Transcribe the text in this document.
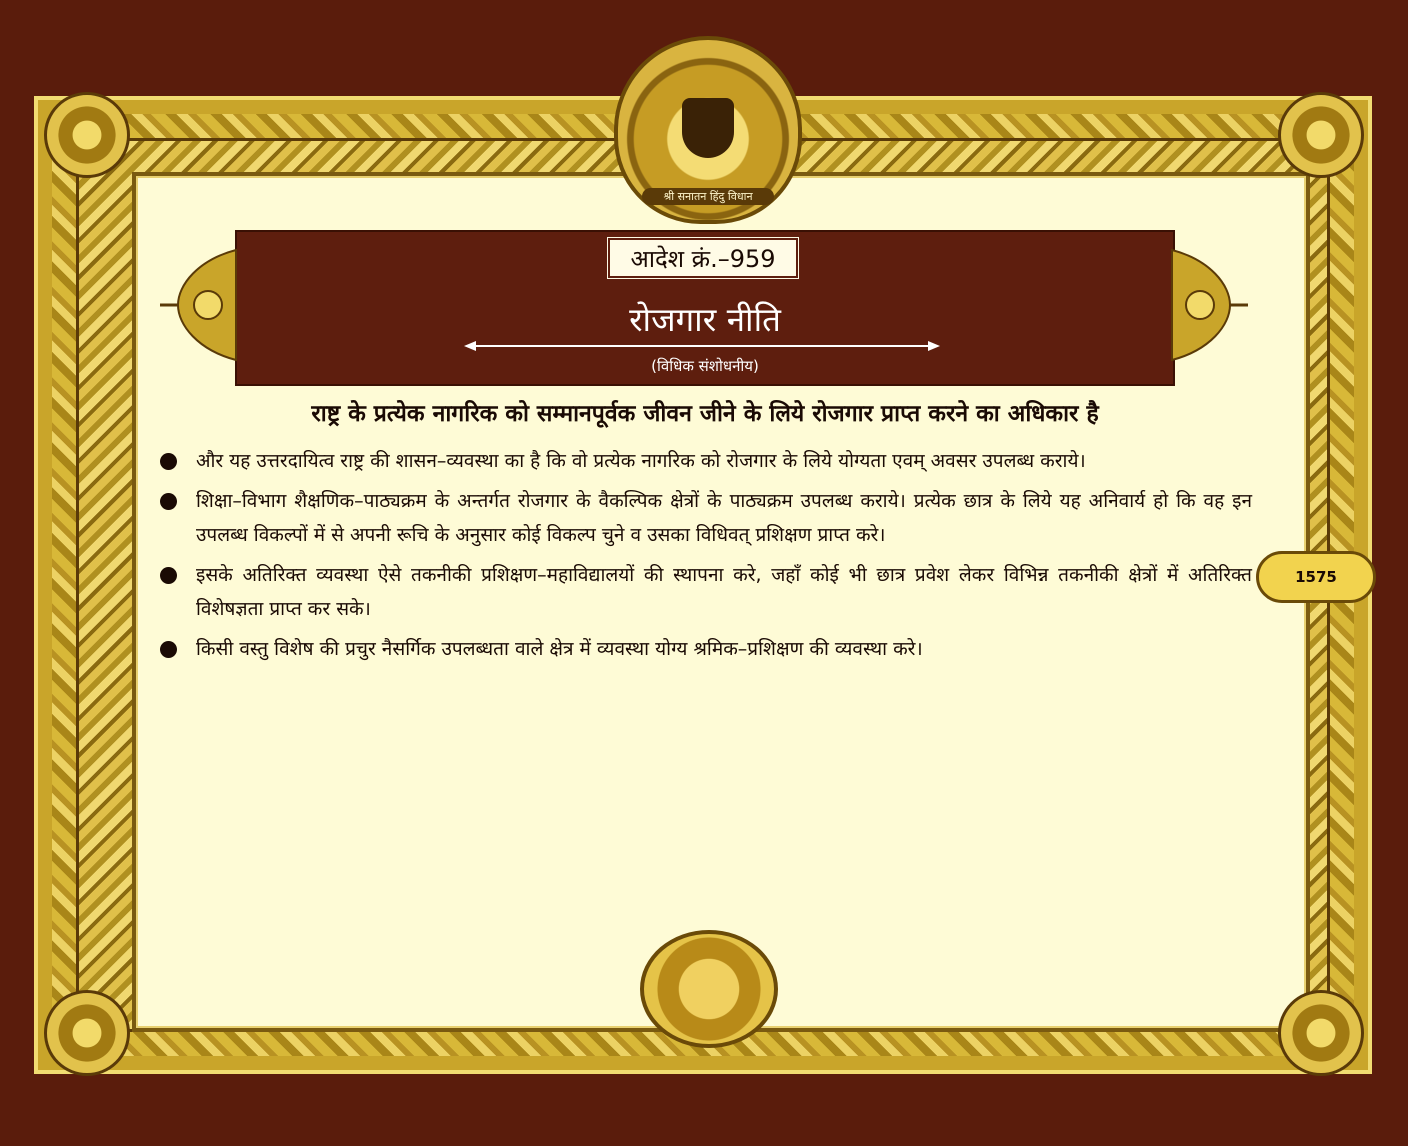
श्री सनातन हिंदु विधान
आदेश क्रं.–959
रोजगार नीति
(विधिक संशोधनीय)
राष्ट्र के प्रत्येक नागरिक को सम्मानपूर्वक जीवन जीने के लिये रोजगार प्राप्त करने का अधिकार है
और यह उत्तरदायित्व राष्ट्र की शासन–व्यवस्था का है कि वो प्रत्येक नागरिक को रोजगार के लिये योग्यता एवम् अवसर उपलब्ध कराये।
शिक्षा–विभाग शैक्षणिक–पाठ्यक्रम के अन्तर्गत रोजगार के वैकल्पिक क्षेत्रों के पाठ्यक्रम उपलब्ध कराये। प्रत्येक छात्र के लिये यह अनिवार्य हो कि वह इन उपलब्ध विकल्पों में से अपनी रूचि के अनुसार कोई विकल्प चुने व उसका विधिवत् प्रशिक्षण प्राप्त करे।
इसके अतिरिक्त व्यवस्था ऐसे तकनीकी प्रशिक्षण–महाविद्यालयों की स्थापना करे, जहाँ कोई भी छात्र प्रवेश लेकर विभिन्न तकनीकी क्षेत्रों में अतिरिक्त विशेषज्ञता प्राप्त कर सके।
किसी वस्तु विशेष की प्रचुर नैसर्गिक उपलब्धता वाले क्षेत्र में व्यवस्था योग्य श्रमिक–प्रशिक्षण की व्यवस्था करे।
1575
